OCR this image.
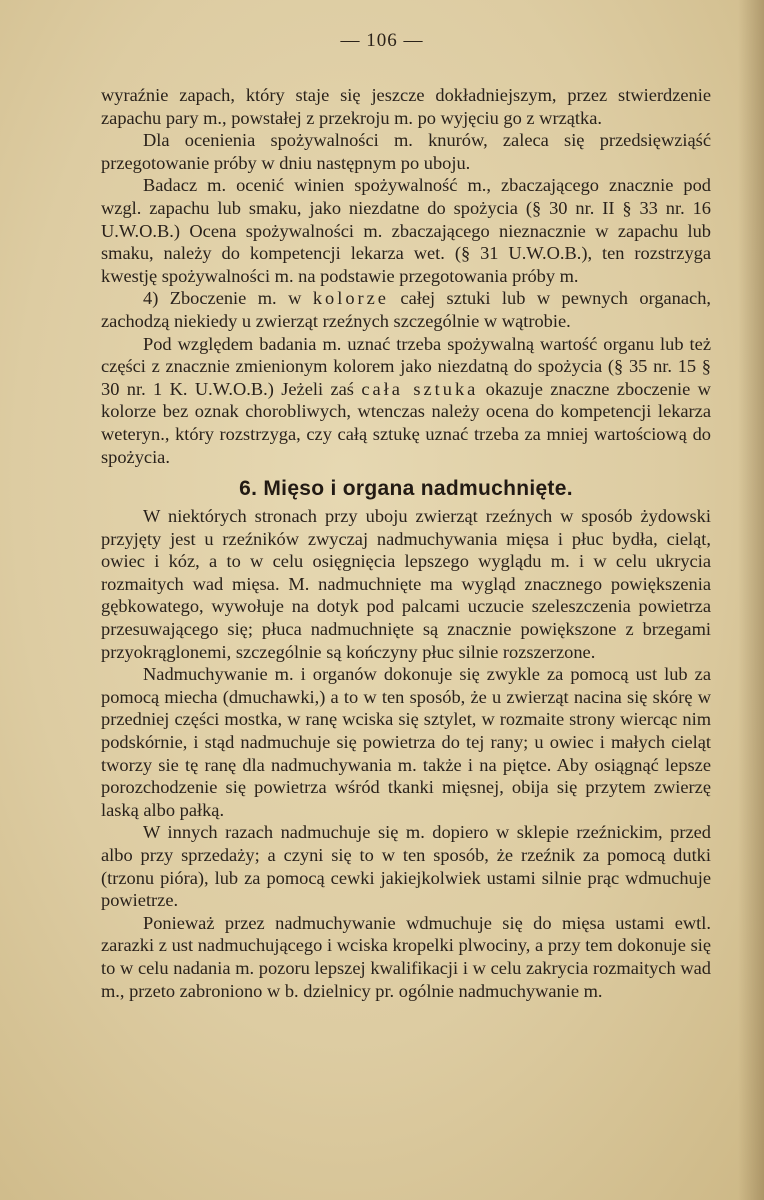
— 106 —

wyraźnie zapach, który staje się jeszcze dokładniejszym, przez stwierdzenie zapachu pary m., powstałej z przekroju m. po wyjęciu go z wrzątka.

Dla ocenienia spożywalności m. knurów, zaleca się przedsięwziąść przegotowanie próby w dniu następnym po uboju.

Badacz m. ocenić winien spożywalność m., zbaczającego znacznie pod wzgl. zapachu lub smaku, jako niezdatne do spożycia (§ 30 nr. II § 33 nr. 16 U.W.O.B.) Ocena spożywalności m. zbaczającego nieznacznie w zapachu lub smaku, należy do kompetencji lekarza wet. (§ 31 U.W.O.B.), ten rozstrzyga kwestję spożywalności m. na podstawie przegotowania próby m.

4) Zboczenie m. w kolorze całej sztuki lub w pewnych organach, zachodzą niekiedy u zwierząt rzeźnych szczególnie w wątrobie.

Pod względem badania m. uznać trzeba spożywalną wartość organu lub też części z znacznie zmienionym kolorem jako niezdatną do spożycia (§ 35 nr. 15 § 30 nr. 1 K. U.W.O.B.) Jeżeli zaś cała sztuka okazuje znaczne zboczenie w kolorze bez oznak chorobliwych, wtenczas należy ocena do kompetencji lekarza weteryn., który rozstrzyga, czy całą sztukę uznać trzeba za mniej wartościową do spożycia.

6. Mięso i organa nadmuchnięte.

W niektórych stronach przy uboju zwierząt rzeźnych w sposób żydowski przyjęty jest u rzeźników zwyczaj nadmuchywania mięsa i płuc bydła, cieląt, owiec i kóz, a to w celu osięgnięcia lepszego wyglądu m. i w celu ukrycia rozmaitych wad mięsa. M. nadmuchnięte ma wygląd znacznego powiększenia gębkowatego, wywołuje na dotyk pod palcami uczucie szeleszczenia powietrza przesuwającego się; płuca nadmuchnięte są znacznie powiększone z brzegami przyokrąglonemi, szczególnie są kończyny płuc silnie rozszerzone.

Nadmuchywanie m. i organów dokonuje się zwykle za pomocą ust lub za pomocą miecha (dmuchawki,) a to w ten sposób, że u zwierząt nacina się skórę w przedniej części mostka, w ranę wciska się sztylet, w rozmaite strony wiercąc nim podskórnie, i stąd nadmuchuje się powietrza do tej rany; u owiec i małych cieląt tworzy sie tę ranę dla nadmuchywania m. także i na piętce. Aby osiągnąć lepsze porozchodzenie się powietrza wśród tkanki mięsnej, obija się przytem zwierzę laską albo pałką.

W innych razach nadmuchuje się m. dopiero w sklepie rzeźnickim, przed albo przy sprzedaży; a czyni się to w ten sposób, że rzeźnik za pomocą dutki (trzonu pióra), lub za pomocą cewki jakiejkolwiek ustami silnie prąc wdmuchuje powietrze.

Ponieważ przez nadmuchywanie wdmuchuje się do mięsa ustami ewtl. zarazki z ust nadmuchującego i wciska kropelki plwociny, a przy tem dokonuje się to w celu nadania m. pozoru lepszej kwalifikacji i w celu zakrycia rozmaitych wad m., przeto zabroniono w b. dzielnicy pr. ogólnie nadmuchywanie m.
